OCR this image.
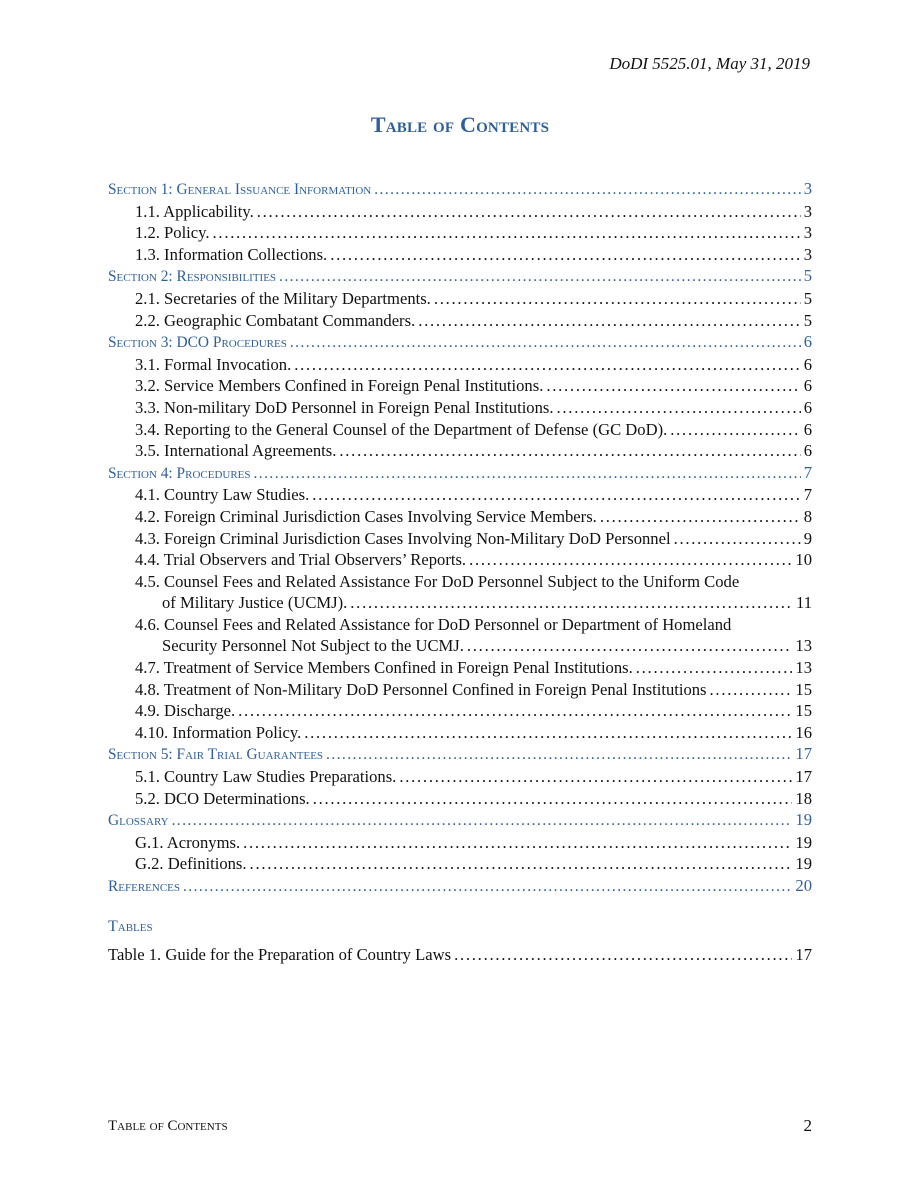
DoDI 5525.01, May 31, 2019
Table of Contents
Section 1: General Issuance Information . . .	3
1.1. Applicability. . . .	3
1.2. Policy. . . .	3
1.3. Information Collections. . . .	3
Section 2: Responsibilities . . .	5
2.1. Secretaries of the Military Departments. . . .	5
2.2. Geographic Combatant Commanders. . . .	5
Section 3: DCO Procedures . . .	6
3.1. Formal Invocation. . . .	6
3.2. Service Members Confined in Foreign Penal Institutions. . . .	6
3.3. Non-military DoD Personnel in Foreign Penal Institutions. . . .	6
3.4. Reporting to the General Counsel of the Department of Defense (GC DoD). . . .	6
3.5. International Agreements. . . .	6
Section 4: Procedures . . .	7
4.1. Country Law Studies. . . .	7
4.2. Foreign Criminal Jurisdiction Cases Involving Service Members. . . .	8
4.3. Foreign Criminal Jurisdiction Cases Involving Non-Military DoD Personnel . . .	9
4.4. Trial Observers and Trial Observers’ Reports. . . .	10
4.5. Counsel Fees and Related Assistance For DoD Personnel Subject to the Uniform Code
of Military Justice (UCMJ). . . .	11
4.6. Counsel Fees and Related Assistance for DoD Personnel or Department of Homeland
Security Personnel Not Subject to the UCMJ. . . .	13
4.7. Treatment of Service Members Confined in Foreign Penal Institutions. . . .	13
4.8. Treatment of Non-Military DoD Personnel Confined in Foreign Penal Institutions . . .	15
4.9. Discharge. . . .	15
4.10. Information Policy. . . .	16
Section 5: Fair Trial Guarantees . . .	17
5.1. Country Law Studies Preparations. . . .	17
5.2. DCO Determinations. . . .	18
Glossary . . .	19
G.1. Acronyms. . . .	19
G.2. Definitions. . . .	19
References . . .	20
Tables
Table 1. Guide for the Preparation of Country Laws . . .	17
Table of Contents	2
